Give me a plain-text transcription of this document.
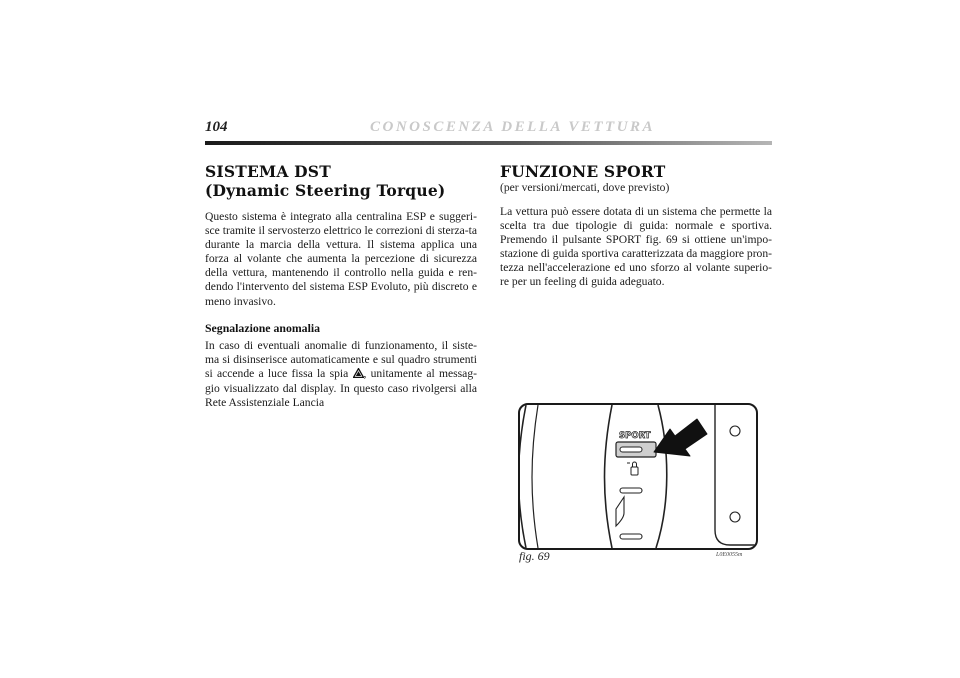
104	CONOSCENZA DELLA VETTURA
SISTEMA DST
(Dynamic Steering Torque)

Questo sistema è integrato alla centralina ESP e suggeri-sce tramite il servosterzo elettrico le correzioni di sterza-ta durante la marcia della vettura. Il sistema applica una forza al volante che aumenta la percezione di sicurezza della vettura, mantenendo il controllo nella guida e ren-dendo l'intervento del sistema ESP Evoluto, più discreto e meno invasivo.

Segnalazione anomalia

In caso di eventuali anomalie di funzionamento, il siste-ma si disinserisce automaticamente e sul quadro strumenti si accende a luce fissa la spia , unitamente al messag-gio visualizzato dal display. In questo caso rivolgersi alla Rete Assistenziale Lancia

FUNZIONE SPORT
(per versioni/mercati, dove previsto)

La vettura può essere dotata di un sistema che permette la scelta tra due tipologie di guida: normale e sportiva. Premendo il pulsante SPORT fig. 69 si ottiene un'impo-stazione di guida sportiva caratterizzata da maggiore pron-tezza nell'accelerazione ed uno sforzo al volante superio-re per un feeling di guida adeguato.

SPORT
fig. 69	L0E0055m
